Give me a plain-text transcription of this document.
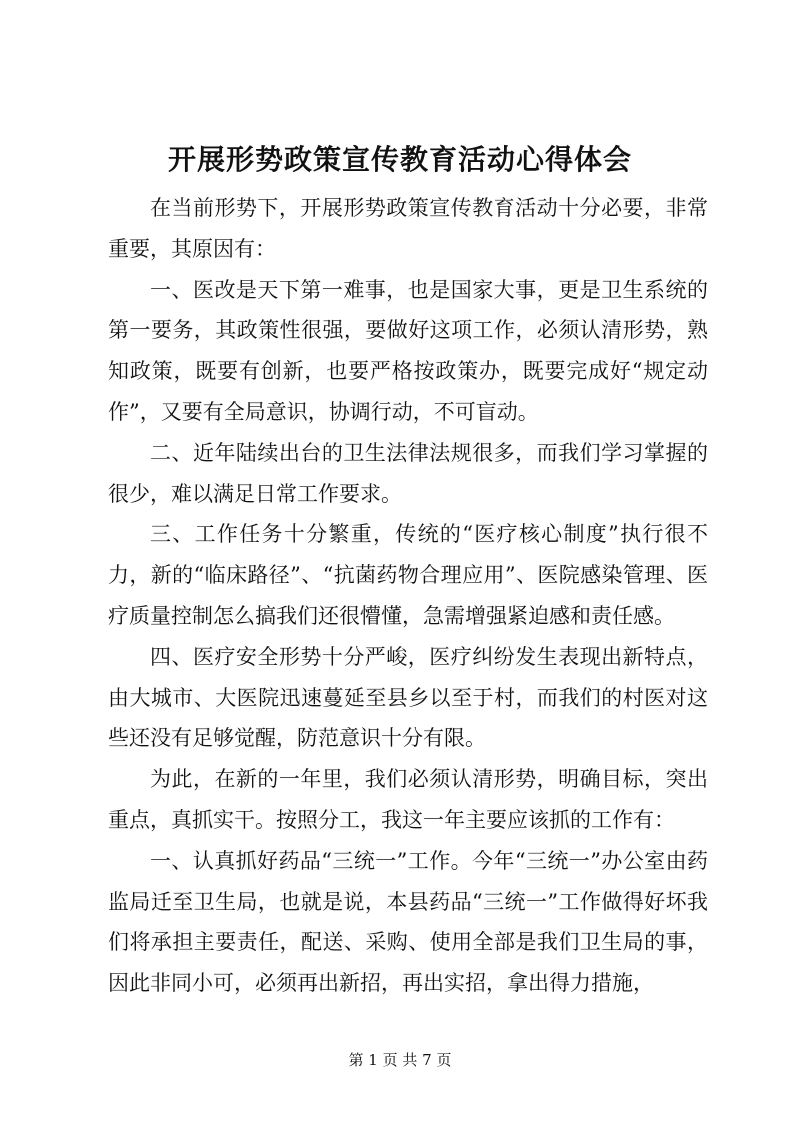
开展形势政策宣传教育活动心得体会

在当前形势下，开展形势政策宣传教育活动十分必要，非常重要，其原因有：

一、医改是天下第一难事，也是国家大事，更是卫生系统的第一要务，其政策性很强，要做好这项工作，必须认清形势，熟知政策，既要有创新，也要严格按政策办，既要完成好“规定动作”，又要有全局意识，协调行动，不可盲动。

二、近年陆续出台的卫生法律法规很多，而我们学习掌握的很少，难以满足日常工作要求。

三、工作任务十分繁重，传统的“医疗核心制度”执行很不力，新的“临床路径”、“抗菌药物合理应用”、医院感染管理、医疗质量控制怎么搞我们还很懵懂，急需增强紧迫感和责任感。

四、医疗安全形势十分严峻，医疗纠纷发生表现出新特点，由大城市、大医院迅速蔓延至县乡以至于村，而我们的村医对这些还没有足够觉醒，防范意识十分有限。

为此，在新的一年里，我们必须认清形势，明确目标，突出重点，真抓实干。按照分工，我这一年主要应该抓的工作有：

一、认真抓好药品“三统一”工作。今年“三统一”办公室由药监局迁至卫生局，也就是说，本县药品“三统一”工作做得好坏我们将承担主要责任，配送、采购、使用全部是我们卫生局的事，因此非同小可，必须再出新招，再出实招，拿出得力措施，

第 1 页 共 7 页
